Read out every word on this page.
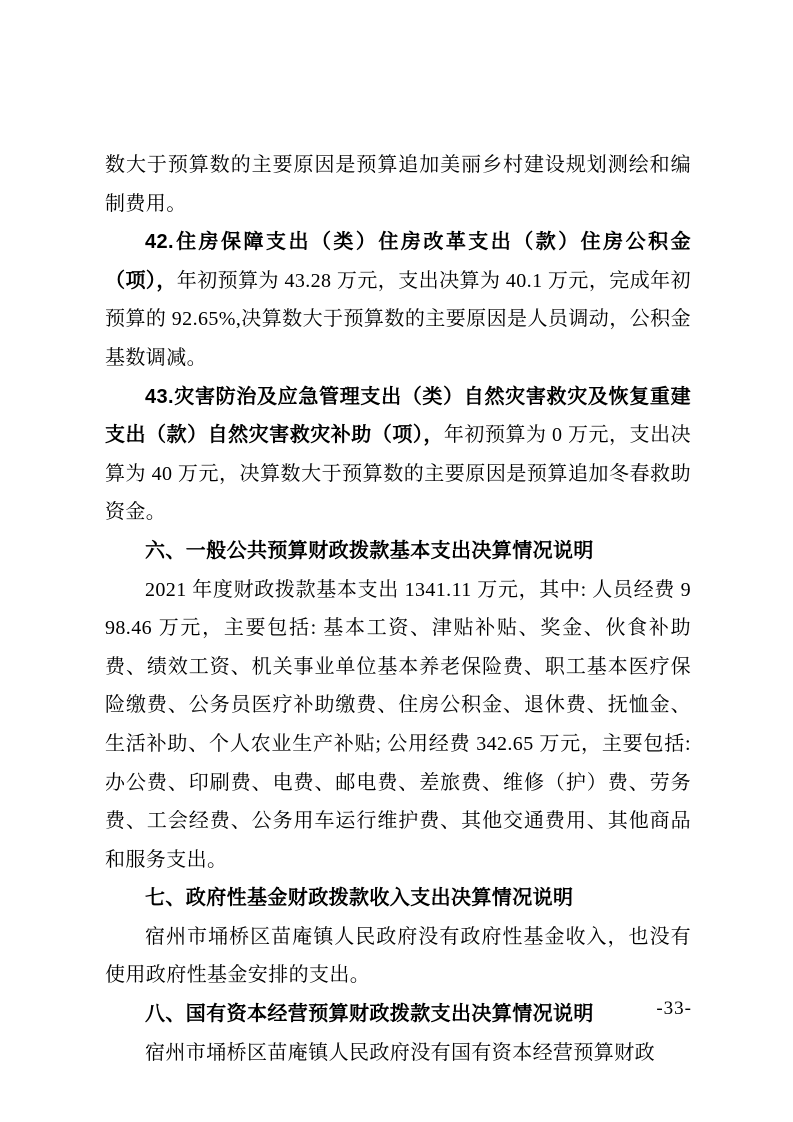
数大于预算数的主要原因是预算追加美丽乡村建设规划测绘和编制费用。

42.住房保障支出（类）住房改革支出（款）住房公积金（项），年初预算为 43.28 万元，支出决算为 40.1 万元，完成年初预算的 92.65%,决算数大于预算数的主要原因是人员调动，公积金基数调减。

43.灾害防治及应急管理支出（类）自然灾害救灾及恢复重建支出（款）自然灾害救灾补助（项），年初预算为 0 万元，支出决算为 40 万元，决算数大于预算数的主要原因是预算追加冬春救助资金。

六、一般公共预算财政拨款基本支出决算情况说明

2021 年度财政拨款基本支出 1341.11 万元，其中: 人员经费 998.46 万元，主要包括: 基本工资、津贴补贴、奖金、伙食补助费、绩效工资、机关事业单位基本养老保险费、职工基本医疗保险缴费、公务员医疗补助缴费、住房公积金、退休费、抚恤金、生活补助、个人农业生产补贴; 公用经费 342.65 万元，主要包括: 办公费、印刷费、电费、邮电费、差旅费、维修（护）费、劳务费、工会经费、公务用车运行维护费、其他交通费用、其他商品和服务支出。

七、政府性基金财政拨款收入支出决算情况说明

宿州市埇桥区苗庵镇人民政府没有政府性基金收入，也没有使用政府性基金安排的支出。

八、国有资本经营预算财政拨款支出决算情况说明

宿州市埇桥区苗庵镇人民政府没有国有资本经营预算财政

-33-
